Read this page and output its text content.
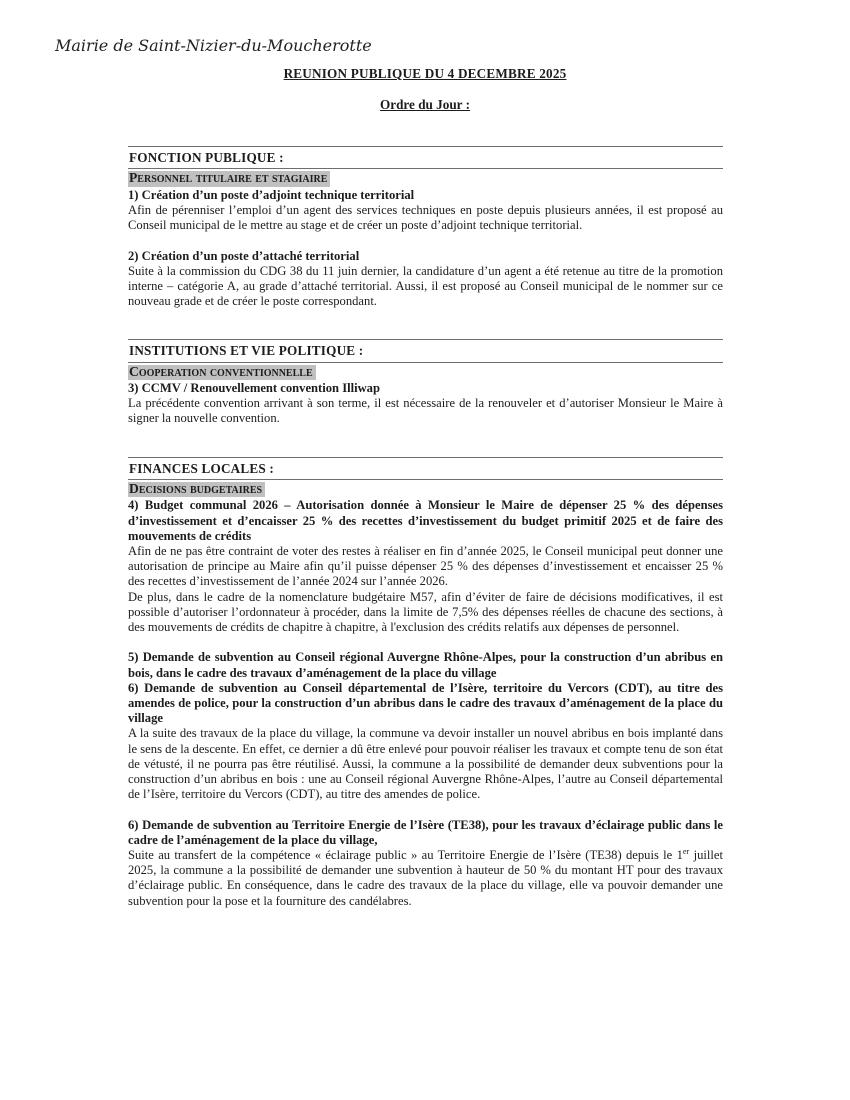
Mairie de Saint-Nizier-du-Moucherotte
REUNION PUBLIQUE DU 4 DECEMBRE 2025
Ordre du Jour :
FONCTION PUBLIQUE :
Personnel titulaire et stagiaire
1) Création d’un poste d’adjoint technique territorial
Afin de pérenniser l’emploi d’un agent des services techniques en poste depuis plusieurs années, il est proposé au Conseil municipal de le mettre au stage et de créer un poste d’adjoint technique territorial.
2) Création d’un poste d’attaché territorial
Suite à la commission du CDG 38 du 11 juin dernier, la candidature d’un agent a été retenue au titre de la promotion interne – catégorie A, au grade d’attaché territorial. Aussi, il est proposé au Conseil municipal de le nommer sur ce nouveau grade et de créer le poste correspondant.
INSTITUTIONS ET VIE POLITIQUE :
Cooperation conventionnelle
3) CCMV / Renouvellement convention Illiwap
La précédente convention arrivant à son terme, il est nécessaire de la renouveler et d’autoriser Monsieur le Maire à signer la nouvelle convention.
FINANCES LOCALES :
Decisions budgetaires
4) Budget communal 2026 – Autorisation donnée à Monsieur le Maire de dépenser 25 % des dépenses d’investissement et d’encaisser 25 % des recettes d’investissement du budget primitif 2025 et de faire des mouvements de crédits
Afin de ne pas être contraint de voter des restes à réaliser en fin d’année 2025, le Conseil municipal peut donner une autorisation de principe au Maire afin qu’il puisse dépenser 25 % des dépenses d’investissement et encaisser 25 % des recettes d’investissement de l’année 2024 sur l’année 2026.
De plus, dans le cadre de la nomenclature budgétaire M57, afin d’éviter de faire de décisions modificatives, il est possible d’autoriser l’ordonnateur à procéder, dans la limite de 7,5% des dépenses réelles de chacune des sections, à des mouvements de crédits de chapitre à chapitre, à l'exclusion des crédits relatifs aux dépenses de personnel.
5) Demande de subvention au Conseil régional Auvergne Rhône-Alpes, pour la construction d’un abribus en bois, dans le cadre des travaux d’aménagement de la place du village
6) Demande de subvention au Conseil départemental de l’Isère, territoire du Vercors (CDT), au titre des amendes de police, pour la construction d’un abribus dans le cadre des travaux d’aménagement de la place du village
A la suite des travaux de la place du village, la commune va devoir installer un nouvel abribus en bois implanté dans le sens de la descente. En effet, ce dernier a dû être enlevé pour pouvoir réaliser les travaux et compte tenu de son état de vétusté, il ne pourra pas être réutilisé. Aussi, la commune a la possibilité de demander deux subventions pour la construction d’un abribus en bois : une au Conseil régional Auvergne Rhône-Alpes, l’autre au Conseil départemental de l’Isère, territoire du Vercors (CDT), au titre des amendes de police.
6) Demande de subvention au Territoire Energie de l’Isère (TE38), pour les travaux d’éclairage public dans le cadre de l’aménagement de la place du village,
Suite au transfert de la compétence « éclairage public » au Territoire Energie de l’Isère (TE38) depuis le 1er juillet 2025, la commune a la possibilité de demander une subvention à hauteur de 50 % du montant HT pour des travaux d’éclairage public. En conséquence, dans le cadre des travaux de la place du village, elle va pouvoir demander une subvention pour la pose et la fourniture des candélabres.
